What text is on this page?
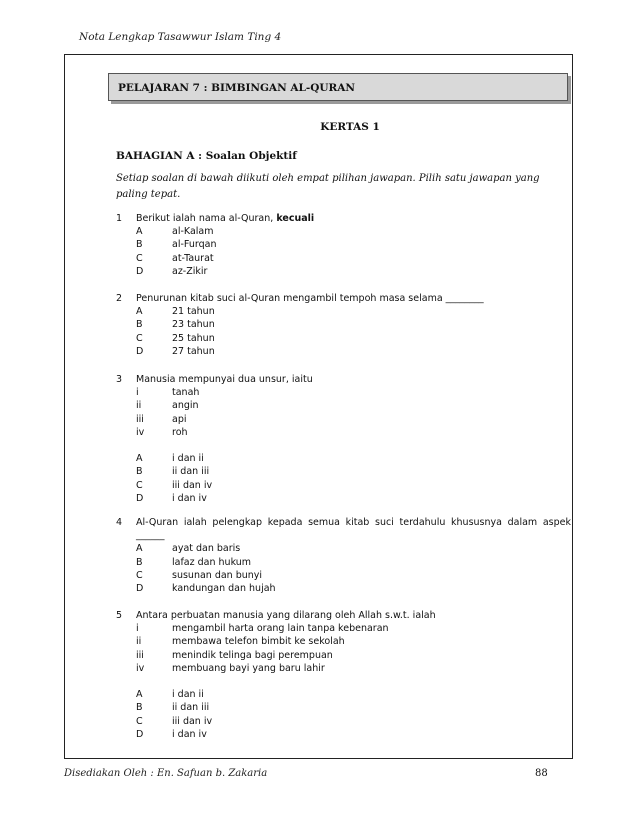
Nota Lengkap Tasawwur Islam Ting 4
PELAJARAN 7 : BIMBINGAN AL-QURAN
KERTAS 1
BAHAGIAN A : Soalan Objektif
Setiap soalan di bawah diikuti oleh empat pilihan jawapan. Pilih satu jawapan yang paling tepat.
1 Berikut ialah nama al-Quran, kecuali
A	al-Kalam
B	al-Furqan
C	at-Taurat
D	az-Zikir
2 Penurunan kitab suci al-Quran mengambil tempoh masa selama ________
A	21 tahun
B	23 tahun
C	25 tahun
D	27 tahun
3 Manusia mempunyai dua unsur, iaitu
i	tanah
ii	angin
iii	api
iv	roh
A	i dan ii
B	ii dan iii
C	iii dan iv
D	i dan iv
4 Al-Quran ialah pelengkap kepada semua kitab suci terdahulu khususnya dalam aspek ______
A	ayat dan baris
B	lafaz dan hukum
C	susunan dan bunyi
D	kandungan dan hujah
5 Antara perbuatan manusia yang dilarang oleh Allah s.w.t. ialah
i	mengambil harta orang lain tanpa kebenaran
ii	membawa telefon bimbit ke sekolah
iii	menindik telinga bagi perempuan
iv	membuang bayi yang baru lahir
A	i dan ii
B	ii dan iii
C	iii dan iv
D	i dan iv
Disediakan Oleh : En. Safuan b. Zakaria	88
